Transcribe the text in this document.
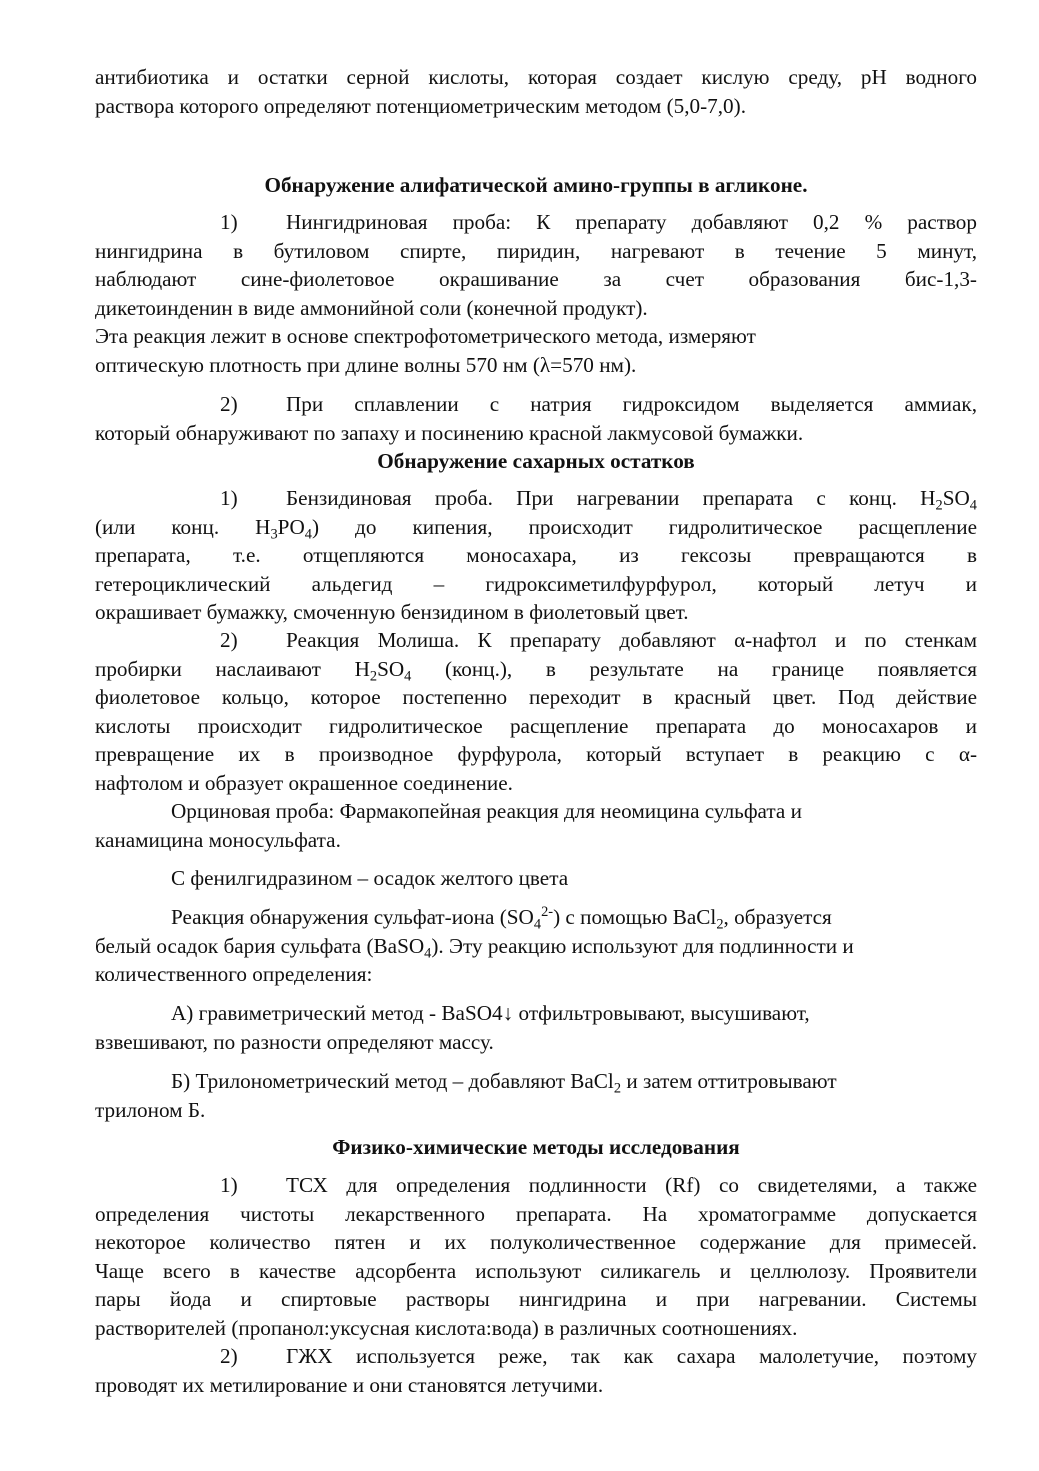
антибиотика и остатки серной кислоты, которая создает кислую среду, pH водного
раствора которого определяют потенциометрическим методом (5,0-7,0).

Обнаружение алифатической амино-группы в агликоне.

1) Нингидриновая проба: К препарату добавляют 0,2 % раствор
нингидрина в бутиловом спирте, пиридин, нагревают в течение 5 минут,
наблюдают сине-фиолетовое окрашивание за счет образования бис-1,3-
дикетоинденин в виде аммонийной соли (конечной продукт).

Эта реакция лежит в основе спектрофотометрического метода, измеряют
оптическую плотность при длине волны 570 нм (λ=570 нм).

2) При сплавлении с натрия гидроксидом выделяется аммиак,
который обнаруживают по запаху и посинению красной лакмусовой бумажки.

Обнаружение сахарных остатков

1) Бензидиновая проба. При нагревании препарата с конц. $H_2SO_4$
(или конц. $H_3PO_4$) до кипения, происходит гидролитическое расщепление
препарата, т.е. отщепляются моносахара, из гексозы превращаются в
гетероциклический альдегид – гидроксиметилфурфурол, который летуч и
окрашивает бумажку, смоченную бензидином в фиолетовый цвет.

2) Реакция Молиша. К препарату добавляют α-нафтол и по стенкам
пробирки наслаивают $H_2SO_4$ (конц.), в результате на границе появляется
фиолетовое кольцо, которое постепенно переходит в красный цвет. Под действие
кислоты происходит гидролитическое расщепление препарата до моносахаров и
превращение их в производное фурфурола, который вступает в реакцию с α-
нафтолом и образует окрашенное соединение.

Орциновая проба: Фармакопейная реакция для неомицина сульфата и
канамицина моносульфата.

С фенилгидразином – осадок желтого цвета

Реакция обнаружения сульфат-иона $(SO_4^{2-})$ с помощью BaCl$_2$, образуется
белый осадок бария сульфата (BaSO$_4$). Эту реакцию используют для подлинности и
количественного определения:

А) гравиметрический метод - BaSO4↓ отфильтровывают, высушивают,
взвешивают, по разности определяют массу.

Б) Трилонометрический метод – добавляют BaCl$_2$ и затем оттитровывают
трилоном Б.

Физико-химические методы исследования

1) ТСХ для определения подлинности (Rf) со свидетелями, а также
определения чистоты лекарственного препарата. На хроматограмме допускается
некоторое количество пятен и их полуколичественное содержание для примесей.
Чаще всего в качестве адсорбента используют силикагель и целлюлозу. Проявители
пары йода и спиртовые растворы нингидрина и при нагревании. Системы
растворителей (пропанол:уксусная кислота:вода) в различных соотношениях.

2) ГЖХ используется реже, так как сахара малолетучие, поэтому
проводят их метилирование и они становятся летучими.
